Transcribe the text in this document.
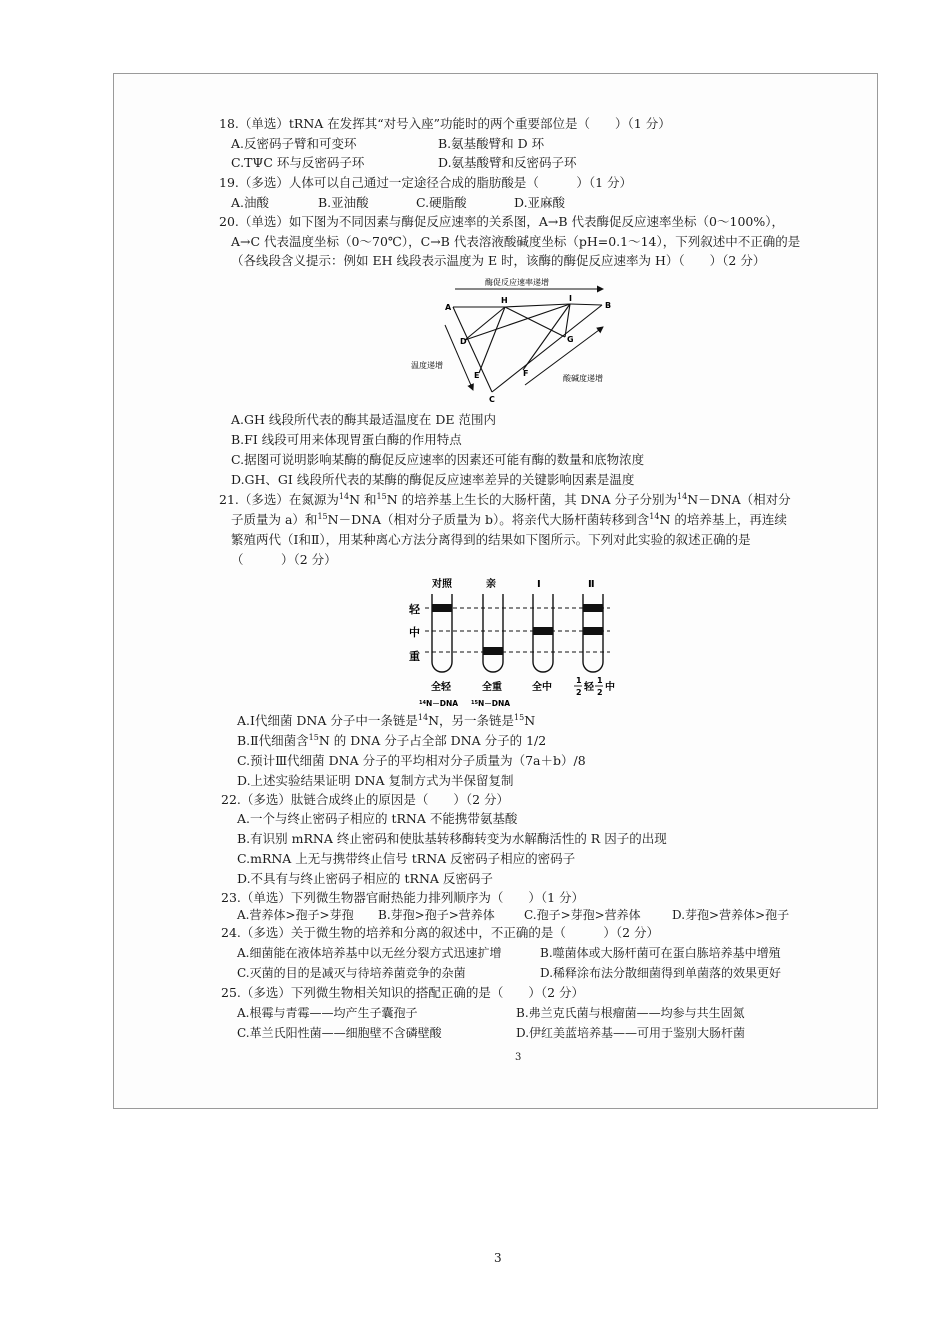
18.（单选）tRNA 在发挥其“对号入座”功能时的两个重要部位是（　　）（1 分）
A.反密码子臂和可变环	B.氨基酸臂和 D 环
C.TΨC 环与反密码子环	D.氨基酸臂和反密码子环
19.（多选）人体可以自己通过一定途径合成的脂肪酸是（　　　）（1 分）
A.油酸	B.亚油酸	C.硬脂酸	D.亚麻酸
20.（单选）如下图为不同因素与酶促反应速率的关系图，A→B 代表酶促反应速率坐标（0～100%），
A→C 代表温度坐标（0～70℃），C→B 代表溶液酸碱度坐标（pH=0.1～14），下列叙述中不正确的是
（各线段含义提示：例如 EH 线段表示温度为 E 时，该酶的酶促反应速率为 H）（　　）（2 分）
酶促反应速率递增
温度递增
酸碱度递增
A
H	I
B
D	G
E	F
C
A.GH 线段所代表的酶其最适温度在 DE 范围内
B.FI 线段可用来体现胃蛋白酶的作用特点
C.据图可说明影响某酶的酶促反应速率的因素还可能有酶的数量和底物浓度
D.GH、GI 线段所代表的某酶的酶促反应速率差异的关键影响因素是温度
21.（多选）在氮源为$^{14}$N 和$^{15}$N 的培养基上生长的大肠杆菌，其 DNA 分子分别为$^{14}$N－DNA（相对分
子质量为 a）和$^{15}$N－DNA（相对分子质量为 b）。将亲代大肠杆菌转移到含$^{14}$N 的培养基上，再连续
繁殖两代（Ⅰ和Ⅱ），用某种离心方法分离得到的结果如下图所示。下列对此实验的叙述正确的是
（　　　）（2 分）
对照	亲	Ⅰ	Ⅱ
轻
中
重
全轻	全重	全中
1
2 轻
1
2 中
14 N－DNA	15 N－DNA
A.Ⅰ代细菌 DNA 分子中一条链是$^{14}$N，另一条链是$^{15}$N
B.Ⅱ代细菌含$^{15}$N 的 DNA 分子占全部 DNA 分子的 1/2
C.预计Ⅲ代细菌 DNA 分子的平均相对分子质量为（7a＋b）/8
D.上述实验结果证明 DNA 复制方式为半保留复制
22.（多选）肽链合成终止的原因是（　　）（2 分）
A.一个与终止密码子相应的 tRNA 不能携带氨基酸
B.有识别 mRNA 终止密码和使肽基转移酶转变为水解酶活性的 R 因子的出现
C.mRNA 上无与携带终止信号 tRNA 反密码子相应的密码子
D.不具有与终止密码子相应的 tRNA 反密码子
23.（单选）下列微生物器官耐热能力排列顺序为（　　）（1 分）
A.营养体>孢子>芽孢 B.芽孢>孢子>营养体 C.孢子>芽孢>营养体	D.芽孢>营养体>孢子
24.（多选）关于微生物的培养和分离的叙述中，不正确的是（　　　）（2 分）
A.细菌能在液体培养基中以无丝分裂方式迅速扩增	B.噬菌体或大肠杆菌可在蛋白胨培养基中增殖
C.灭菌的目的是减灭与待培养菌竞争的杂菌	D.稀释涂布法分散细菌得到单菌落的效果更好
25.（多选）下列微生物相关知识的搭配正确的是（　　）（2 分）
A.根霉与青霉——均产生子囊孢子	B.弗兰克氏菌与根瘤菌——均参与共生固氮
C.革兰氏阳性菌——细胞壁不含磷壁酸	D.伊红美蓝培养基——可用于鉴别大肠杆菌
3
3
